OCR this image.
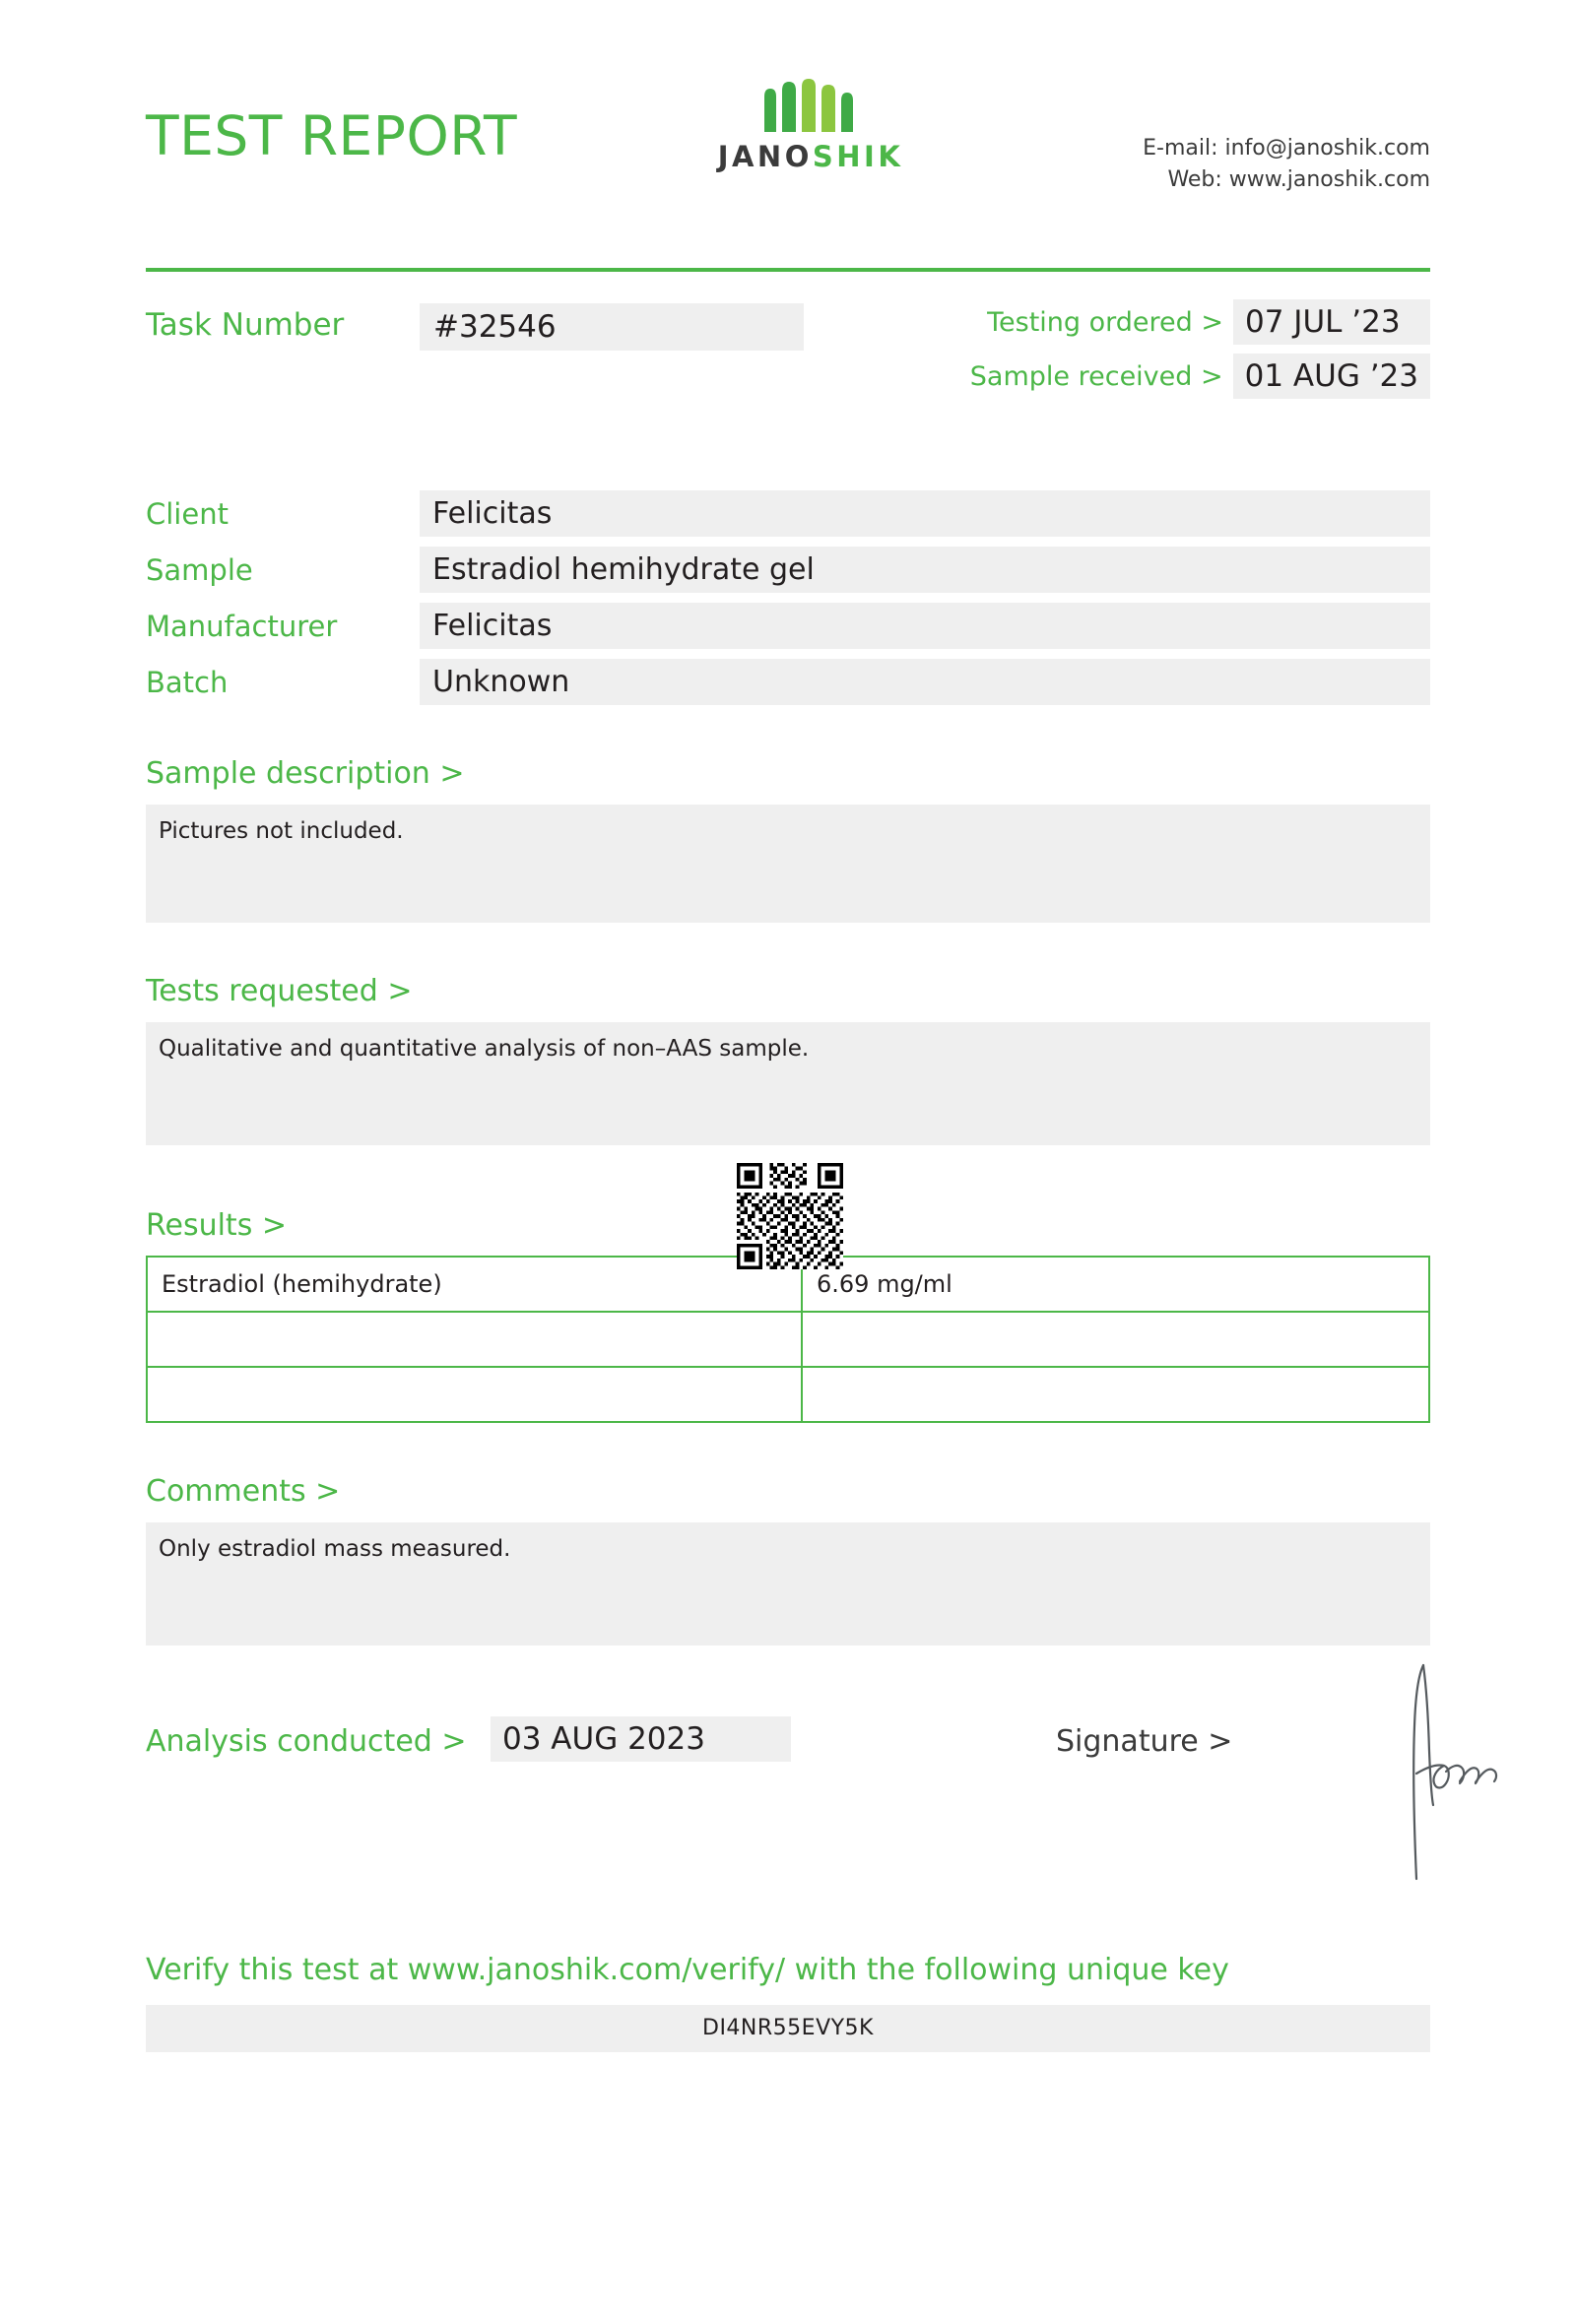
TEST REPORT	JANOSHIK	E-mail: info@janoshik.com
Web: www.janoshik.com
Task Number	#32546	Testing ordered > 07 JUL ’23
Sample received > 01 AUG ’23
Client	Felicitas
Sample	Estradiol hemihydrate gel
Manufacturer	Felicitas
Batch	Unknown
Sample description >
Pictures not included.
Tests requested >
Qualitative and quantitative analysis of non–AAS sample.
Results >
Estradiol (hemihydrate)	6.69 mg/ml

Comments >
Only estradiol mass measured.
Analysis conducted >	03 AUG 2023	Signature >
Verify this test at www.janoshik.com/verify/ with the following unique key
DI4NR55EVY5K
